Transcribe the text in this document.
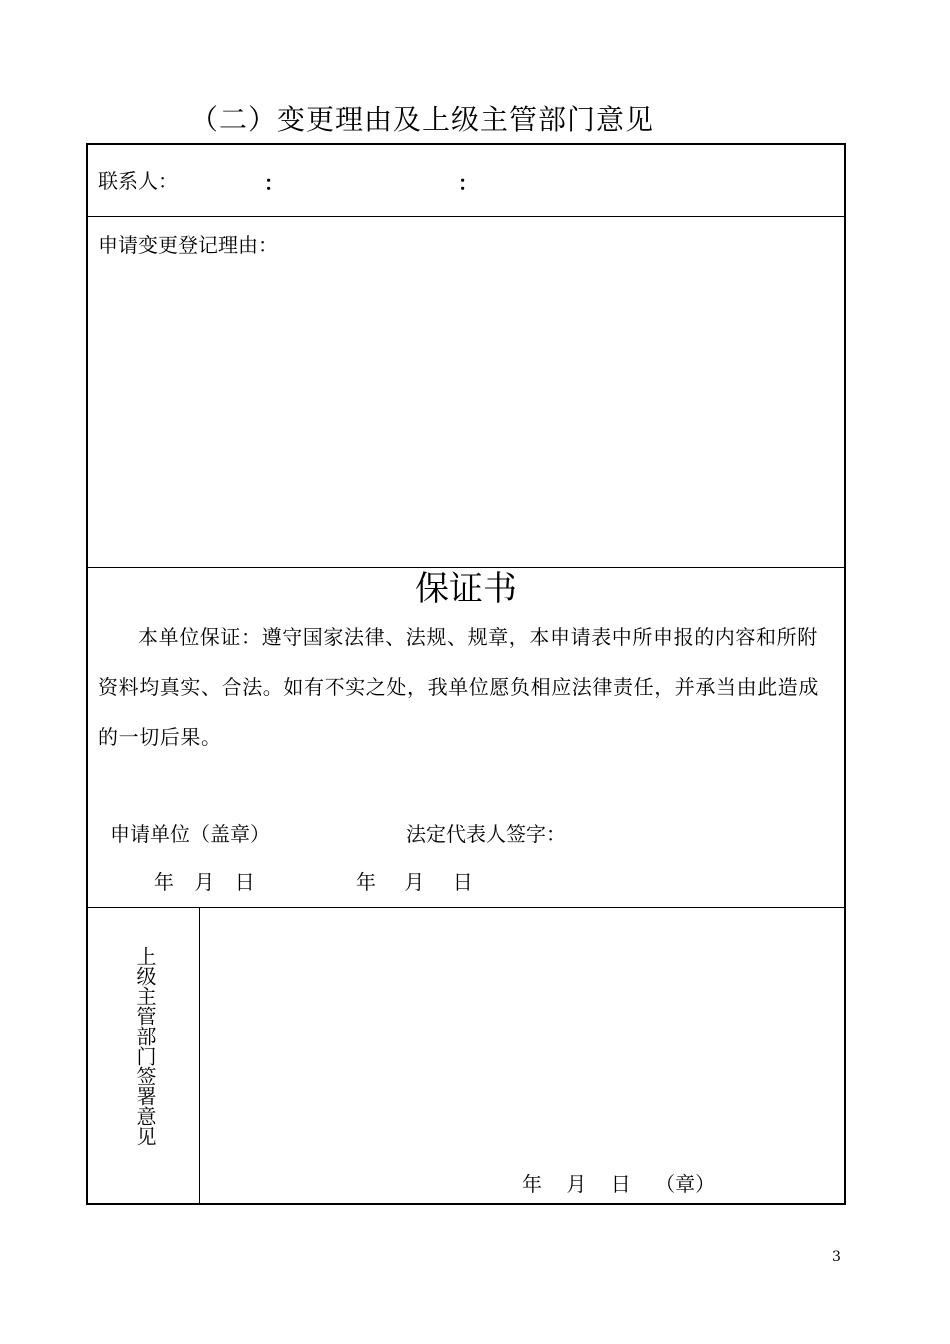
（二）变更理由及上级主管部门意见
联系人：	：	：
申请变更登记理由：
保证书
本单位保证：遵守国家法律、法规、规章，本申请表中所申报的内容和所附资料均真实、合法。如有不实之处，我单位愿负相应法律责任，并承当由此造成的一切后果。
申请单位（盖章）	法定代表人签字：
年 月 日	年 月 日
上级主管部门签署意见
年 月 日 （章）
3
